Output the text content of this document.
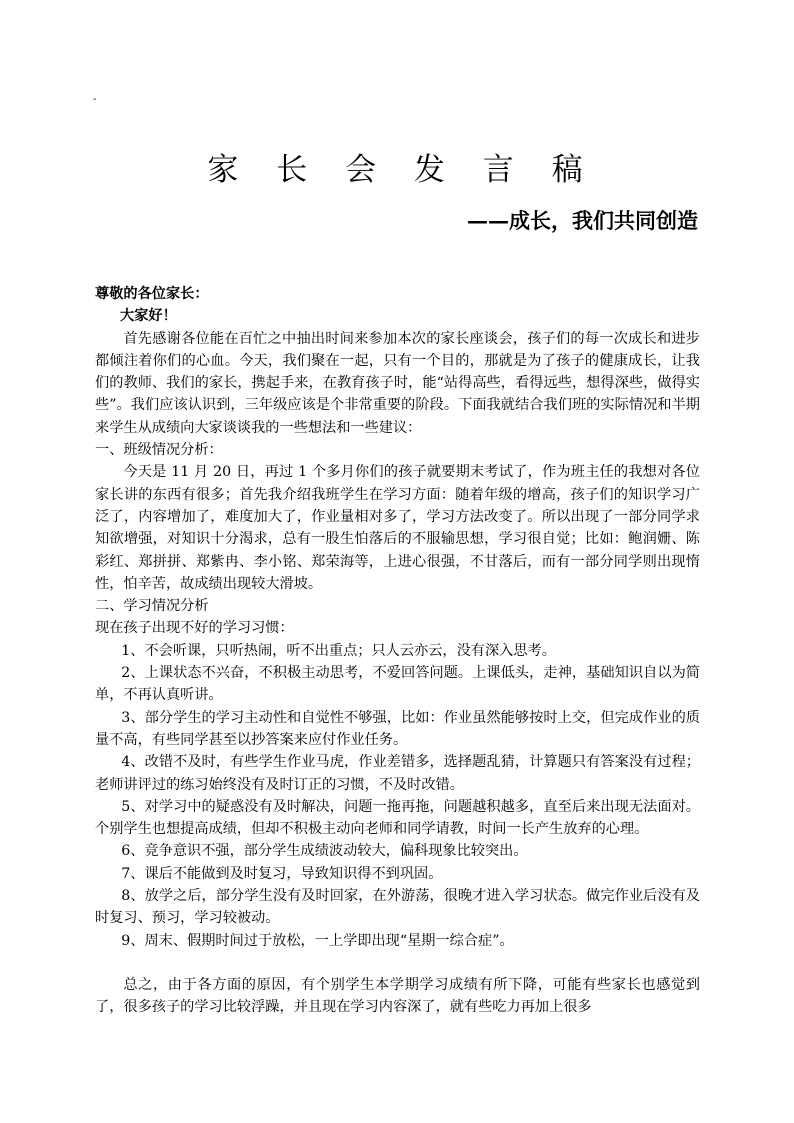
-
家 长 会 发 言 稿
——成长，我们共同创造

尊敬的各位家长：

大家好！

首先感谢各位能在百忙之中抽出时间来参加本次的家长座谈会，孩子们的每一次成长和进步都倾注着你们的心血。今天，我们聚在一起，只有一个目的，那就是为了孩子的健康成长，让我们的教师、我们的家长，携起手来，在教育孩子时，能“站得高些，看得远些，想得深些，做得实些”。我们应该认识到，三年级应该是个非常重要的阶段。下面我就结合我们班的实际情况和半期来学生从成绩向大家谈谈我的一些想法和一些建议：

一、班级情况分析：

今天是 11 月 20 日，再过 1 个多月你们的孩子就要期末考试了，作为班主任的我想对各位家长讲的东西有很多；首先我介绍我班学生在学习方面：随着年级的增高，孩子们的知识学习广泛了，内容增加了，难度加大了，作业量相对多了，学习方法改变了。所以出现了一部分同学求知欲增强，对知识十分渴求，总有一股生怕落后的不服输思想，学习很自觉；比如：鲍润姗、陈彩红、郑拼拼、郑紫冉、李小铭、郑荣海等，上进心很强，不甘落后，而有一部分同学则出现惰性，怕辛苦，故成绩出现较大滑坡。

二、学习情况分析

现在孩子出现不好的学习习惯：

1、不会听课，只听热闹，听不出重点；只人云亦云，没有深入思考。

2、上课状态不兴奋，不积极主动思考，不爱回答问题。上课低头，走神，基础知识自以为简单，不再认真听讲。

3、部分学生的学习主动性和自觉性不够强，比如：作业虽然能够按时上交，但完成作业的质量不高，有些同学甚至以抄答案来应付作业任务。

4、改错不及时，有些学生作业马虎，作业差错多，选择题乱猜，计算题只有答案没有过程；老师讲评过的练习始终没有及时订正的习惯，不及时改错。

5、对学习中的疑惑没有及时解决，问题一拖再拖，问题越积越多，直至后来出现无法面对。个别学生也想提高成绩，但却不积极主动向老师和同学请教，时间一长产生放弃的心理。

6、竞争意识不强，部分学生成绩波动较大，偏科现象比较突出。

7、课后不能做到及时复习，导致知识得不到巩固。

8、放学之后，部分学生没有及时回家，在外游荡，很晚才进入学习状态。做完作业后没有及时复习、预习，学习较被动。

9、周末、假期时间过于放松，一上学即出现“星期一综合症”。

总之，由于各方面的原因，有个别学生本学期学习成绩有所下降，可能有些家长也感觉到了，很多孩子的学习比较浮躁，并且现在学习内容深了，就有些吃力再加上很多
